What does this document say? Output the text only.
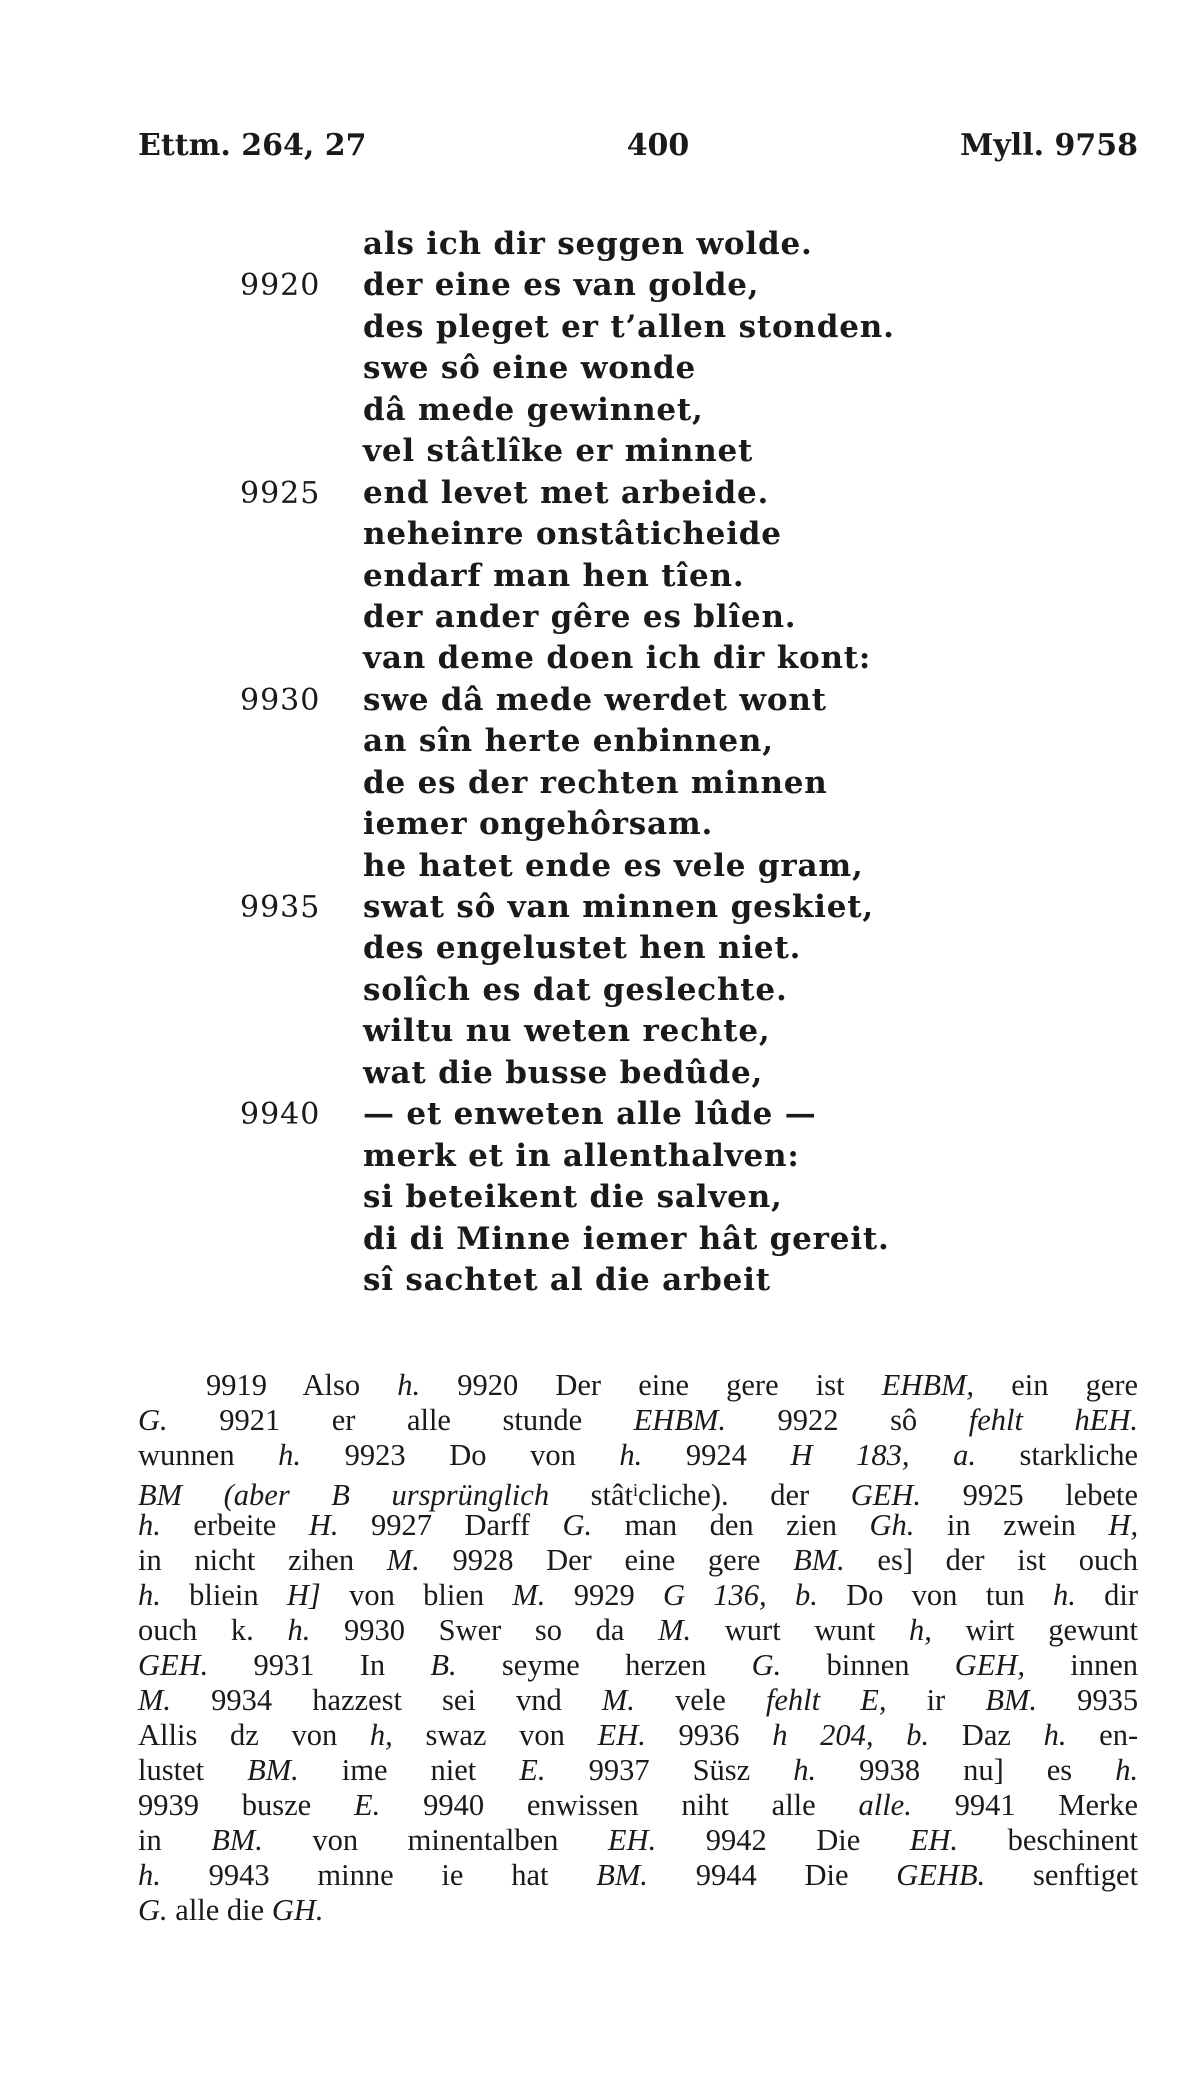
Ettm. 264, 27	400	Myll. 9758
als ich dir seggen wolde.
9920 der eine es van golde,
des pleget er t’allen stonden.
swe sô eine wonde
dâ mede gewinnet,
vel stâtlîke er minnet
9925 end levet met arbeide.
neheinre onstâticheide
endarf man hen tîen.
der ander gêre es blîen.
van deme doen ich dir kont:
9930 swe dâ mede werdet wont
an sîn herte enbinnen,
de es der rechten minnen
iemer ongehôrsam.
he hatet ende es vele gram,
9935 swat sô van minnen geskiet,
des engelustet hen niet.
solîch es dat geslechte.
wiltu nu weten rechte,
wat die busse bedûde,
9940 — et enweten alle lûde —
merk et in allenthalven:
si beteikent die salven,
di di Minne iemer hât gereit.
sî sachtet al die arbeit
9919 Also h. 9920 Der eine gere ist EHBM, ein gere
G. 9921 er alle stunde EHBM. 9922 sô fehlt hEH.
wunnen h. 9923 Do von h. 9924 H 183, a. starkliche
BM (aber B ursprünglich stât$^i$cliche). der GEH. 9925 lebete
h. erbeite H. 9927 Darff G. man den zien Gh. in zwein H,
in nicht zihen M. 9928 Der eine gere BM. es] der ist ouch
h. bliein H] von blien M. 9929 G 136, b. Do von tun h. dir
ouch k. h. 9930 Swer so da M. wurt wunt h, wirt gewunt
GEH. 9931 In B. seyme herzen G. binnen GEH, innen
M. 9934 hazzest sei vnd M. vele fehlt E, ir BM. 9935
Allis dz von h, swaz von EH. 9936 h 204, b. Daz h. en-
lustet BM. ime niet E. 9937 Süsz h. 9938 nu] es h.
9939 busze E. 9940 enwissen niht alle alle. 9941 Merke
in BM. von minentalben EH. 9942 Die EH. beschinent
h. 9943 minne ie hat BM. 9944 Die GEHB. senftiget
G. alle die GH.
